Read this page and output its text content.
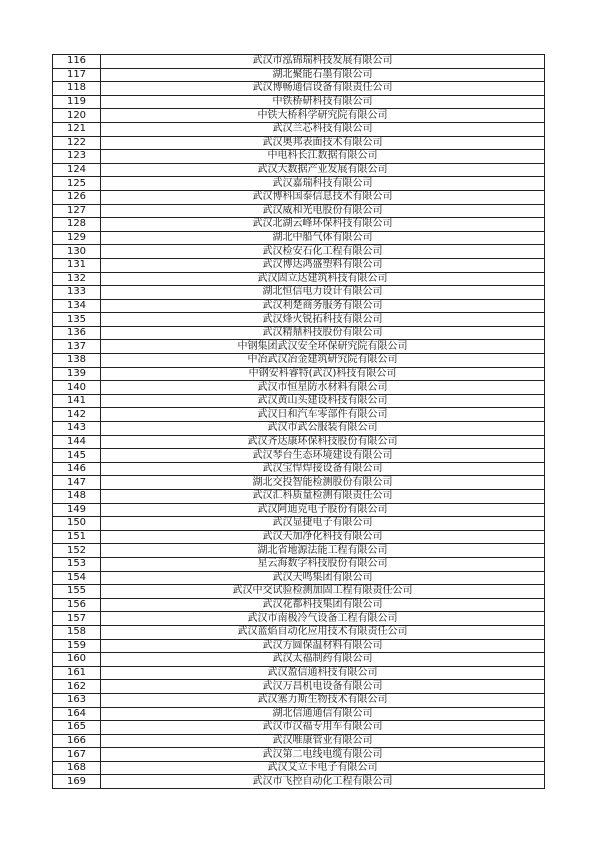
116	武汉市泓锦瑞科技发展有限公司
117	湖北聚能石墨有限公司
118	武汉博畅通信设备有限责任公司
119	中铁桥研科技有限公司
120	中铁大桥科学研究院有限公司
121	武汉兰芯科技有限公司
122	武汉奥邦表面技术有限公司
123	中电科长江数据有限公司
124	武汉大数据产业发展有限公司
125	武汉嘉瑞科技有限公司
126	武汉博科国泰信息技术有限公司
127	武汉威和光电股份有限公司
128	武汉北湖云峰环保科技有限公司
129	湖北中船气体有限公司
130	武汉检安石化工程有限公司
131	武汉博达鸿盛塑料有限公司
132	武汉固立达建筑科技有限公司
133	湖北恒信电力设计有限公司
134	武汉利楚商务服务有限公司
135	武汉烽火锐拓科技有限公司
136	武汉精鼎科技股份有限公司
137	中钢集团武汉安全环保研究院有限公司
138	中冶武汉冶金建筑研究院有限公司
139	中钢安科睿特(武汉)科技有限公司
140	武汉市恒星防水材料有限公司
141	武汉黄山头建设科技有限公司
142	武汉日和汽车零部件有限公司
143	武汉市武公服装有限公司
144	武汉齐达康环保科技股份有限公司
145	武汉琴台生态环境建设有限公司
146	武汉宝悍焊接设备有限公司
147	湖北交投智能检测股份有限公司
148	武汉汇科质量检测有限责任公司
149	武汉阿迪克电子股份有限公司
150	武汉显捷电子有限公司
151	武汉天加净化科技有限公司
152	湖北省地源法能工程有限公司
153	星云海数字科技股份有限公司
154	武汉天鸣集团有限公司
155	武汉中交试验检测加固工程有限责任公司
156	武汉花都科技集团有限公司
157	武汉市南极冷气设备工程有限公司
158	武汉蓝焰自动化应用技术有限责任公司
159	武汉方圆保温材料有限公司
160	武汉太福制药有限公司
161	武汉盈信通科技有限公司
162	武汉万昌机电设备有限公司
163	武汉塞力斯生物技术有限公司
164	湖北信通通信有限公司
165	武汉市汉福专用车有限公司
166	武汉唯康管业有限公司
167	武汉第二电线电缆有限公司
168	武汉艾立卡电子有限公司
169	武汉市飞控自动化工程有限公司
